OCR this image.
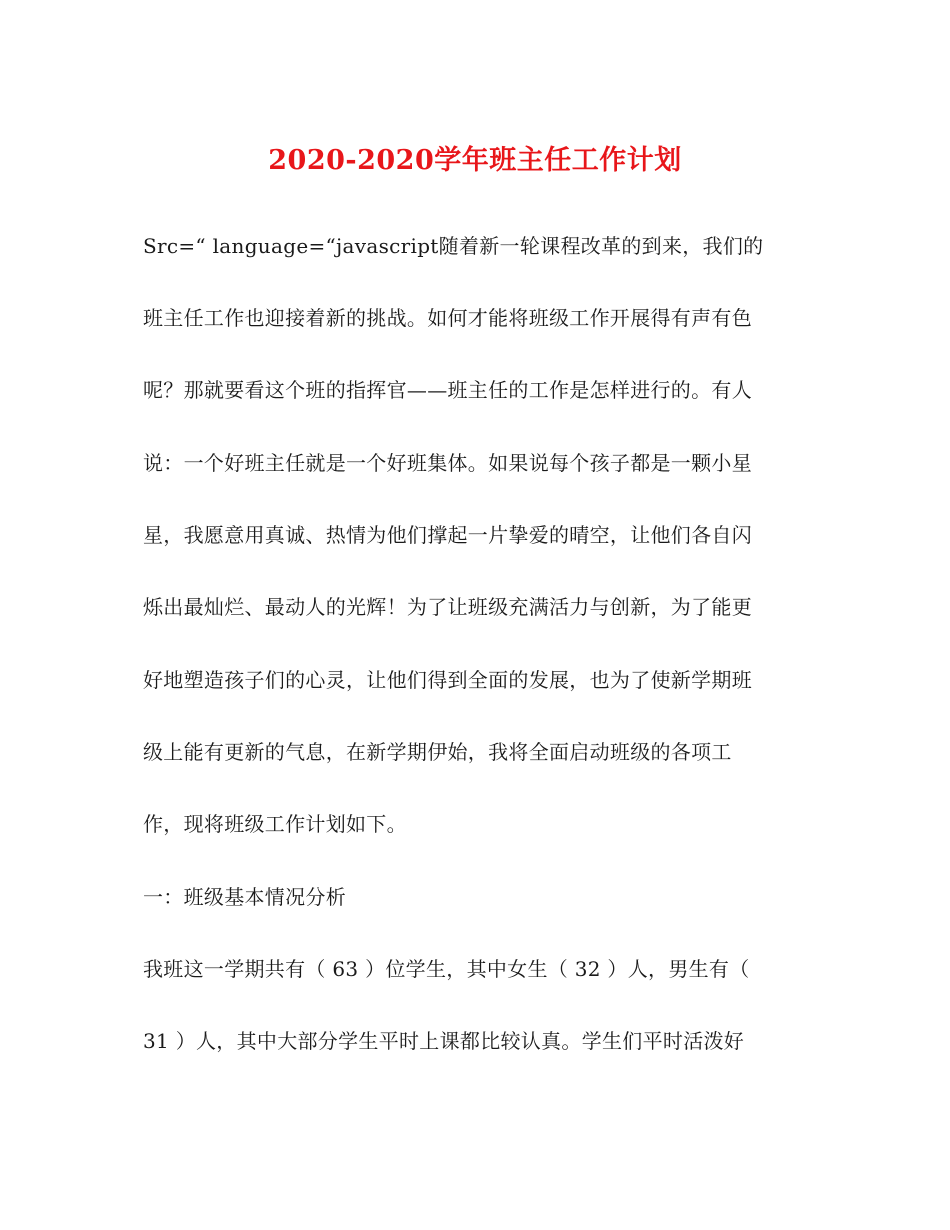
2020-2020学年班主任工作计划

Src=“ language=“javascript随着新一轮课程改革的到来，我们的

班主任工作也迎接着新的挑战。如何才能将班级工作开展得有声有色

呢？那就要看这个班的指挥官——班主任的工作是怎样进行的。有人

说：一个好班主任就是一个好班集体。如果说每个孩子都是一颗小星

星，我愿意用真诚、热情为他们撑起一片挚爱的晴空，让他们各自闪

烁出最灿烂、最动人的光辉！为了让班级充满活力与创新，为了能更

好地塑造孩子们的心灵，让他们得到全面的发展，也为了使新学期班

级上能有更新的气息，在新学期伊始，我将全面启动班级的各项工

作，现将班级工作计划如下。

一：班级基本情况分析

我班这一学期共有（ 63 ）位学生，其中女生（ 32 ）人，男生有（

31 ）人，其中大部分学生平时上课都比较认真。学生们平时活泼好
